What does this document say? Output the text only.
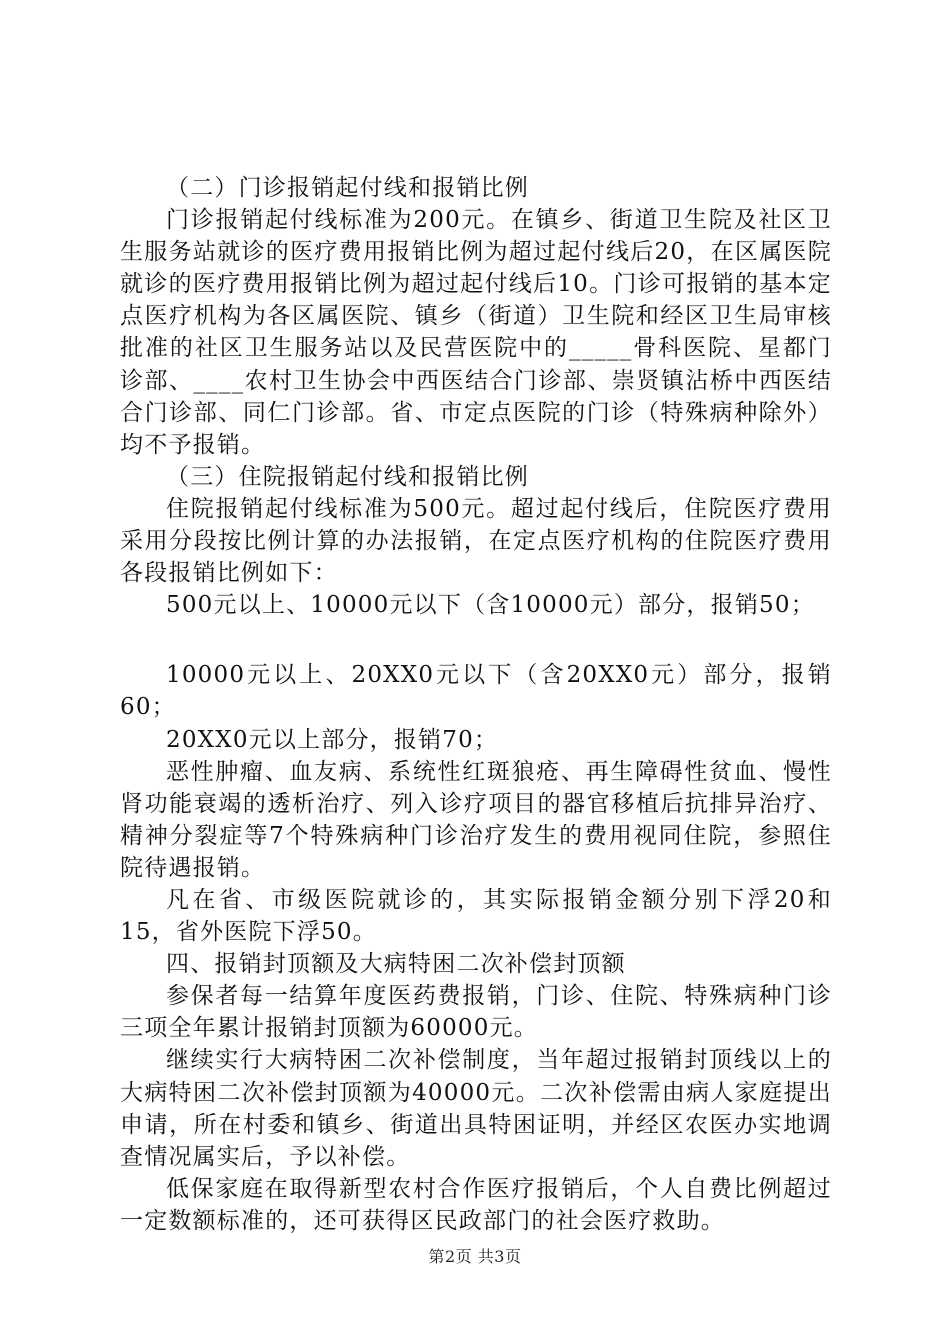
（二）门诊报销起付线和报销比例

门诊报销起付线标准为200元。在镇乡、街道卫生院及社区卫生服务站就诊的医疗费用报销比例为超过起付线后20，在区属医院就诊的医疗费用报销比例为超过起付线后10。门诊可报销的基本定点医疗机构为各区属医院、镇乡（街道）卫生院和经区卫生局审核批准的社区卫生服务站以及民营医院中的_____骨科医院、星都门诊部、____农村卫生协会中西医结合门诊部、崇贤镇沾桥中西医结合门诊部、同仁门诊部。省、市定点医院的门诊（特殊病种除外）均不予报销。

（三）住院报销起付线和报销比例

住院报销起付线标准为500元。超过起付线后，住院医疗费用采用分段按比例计算的办法报销，在定点医疗机构的住院医疗费用各段报销比例如下：

500元以上、10000元以下（含10000元）部分，报销50；

10000元以上、20XX0元以下（含20XX0元）部分，报销60；

20XX0元以上部分，报销70；

恶性肿瘤、血友病、系统性红斑狼疮、再生障碍性贫血、慢性肾功能衰竭的透析治疗、列入诊疗项目的器官移植后抗排异治疗、精神分裂症等7个特殊病种门诊治疗发生的费用视同住院，参照住院待遇报销。

凡在省、市级医院就诊的，其实际报销金额分别下浮20和15，省外医院下浮50。

四、报销封顶额及大病特困二次补偿封顶额

参保者每一结算年度医药费报销，门诊、住院、特殊病种门诊三项全年累计报销封顶额为60000元。

继续实行大病特困二次补偿制度，当年超过报销封顶线以上的大病特困二次补偿封顶额为40000元。二次补偿需由病人家庭提出申请，所在村委和镇乡、街道出具特困证明，并经区农医办实地调查情况属实后，予以补偿。

低保家庭在取得新型农村合作医疗报销后，个人自费比例超过一定数额标准的，还可获得区民政部门的社会医疗救助。

第2页 共3页
